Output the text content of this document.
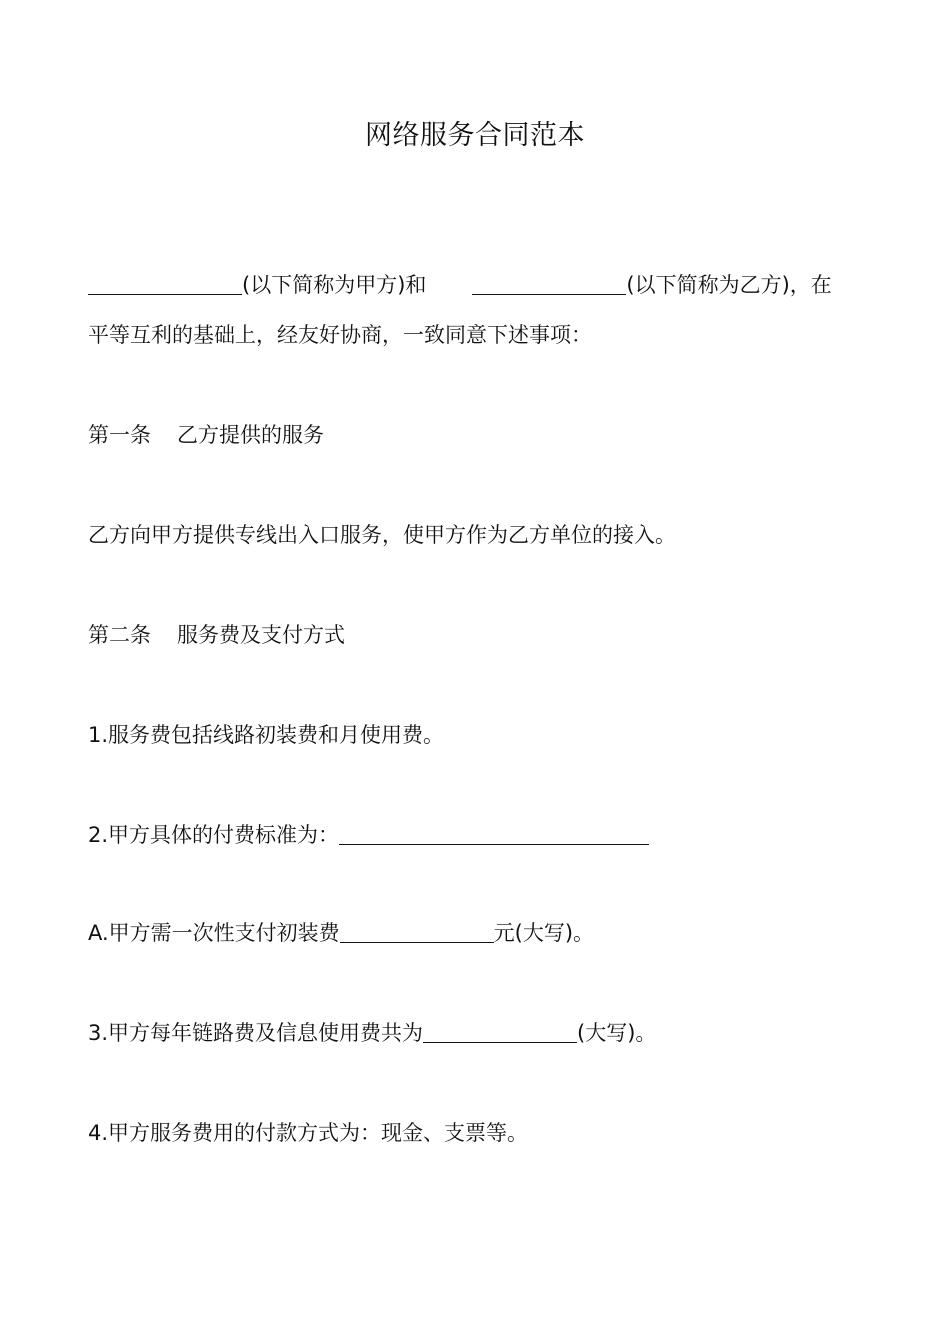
网络服务合同范本
(以下简称为甲方)和	(以下简称为乙方)，在
平等互利的基础上，经友好协商，一致同意下述事项：
第一条 乙方提供的服务
乙方向甲方提供专线出入口服务，使甲方作为乙方单位的接入。
第二条 服务费及支付方式
1.服务费包括线路初装费和月使用费。
2.甲方具体的付费标准为：
A.甲方需一次性支付初装费	元(大写)。
3.甲方每年链路费及信息使用费共为	(大写)。
4.甲方服务费用的付款方式为：现金、支票等。
